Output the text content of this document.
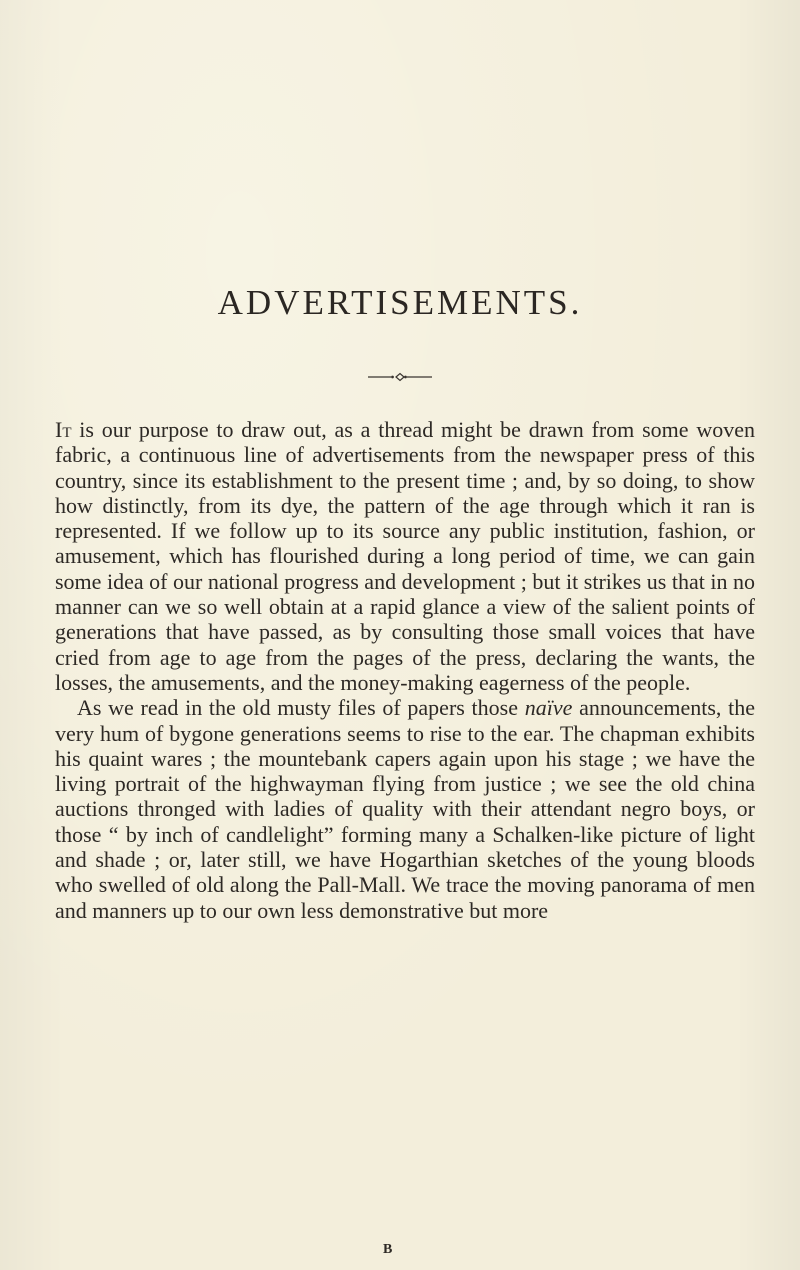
ADVERTISEMENTS.

It is our purpose to draw out, as a thread might be drawn from some woven fabric, a continuous line of advertisements from the newspaper press of this country, since its establishment to the present time ; and, by so doing, to show how distinctly, from its dye, the pattern of the age through which it ran is represented. If we follow up to its source any public institution, fashion, or amusement, which has flourished during a long period of time, we can gain some idea of our national progress and development ; but it strikes us that in no manner can we so well obtain at a rapid glance a view of the salient points of generations that have passed, as by consulting those small voices that have cried from age to age from the pages of the press, declaring the wants, the losses, the amusements, and the money-making eagerness of the people.

As we read in the old musty files of papers those naïve announcements, the very hum of bygone generations seems to rise to the ear. The chapman exhibits his quaint wares ; the mountebank capers again upon his stage ; we have the living portrait of the highwayman flying from justice ; we see the old china auctions thronged with ladies of quality with their attendant negro boys, or those “ by inch of candlelight” forming many a Schalken-like picture of light and shade ; or, later still, we have Hogarthian sketches of the young bloods who swelled of old along the Pall-Mall. We trace the moving panorama of men and manners up to our own less demonstrative but more

B
